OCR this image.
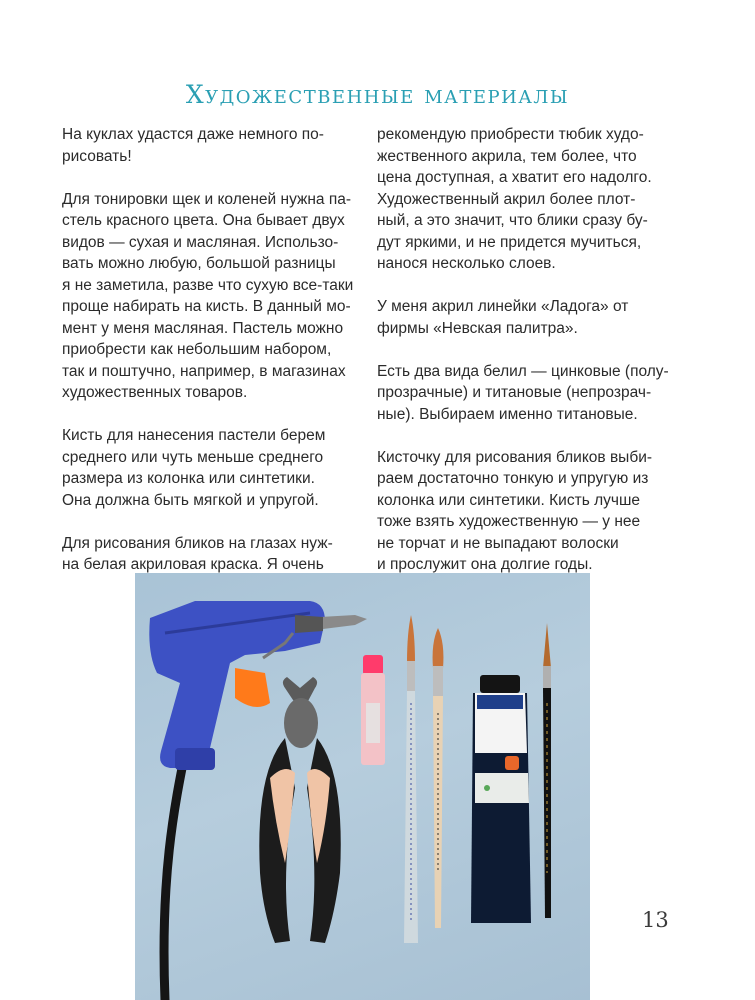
Художественные материалы

На куклах удастся даже немного по-
рисовать!

Для тонировки щек и коленей нужна па-
стель красного цвета. Она бывает двух
видов — сухая и масляная. Использо-
вать можно любую, большой разницы
я не заметила, разве что сухую все-таки
проще набирать на кисть. В данный мо-
мент у меня масляная. Пастель можно
приобрести как небольшим набором,
так и поштучно, например, в магазинах
художественных товаров.

Кисть для нанесения пастели берем
среднего или чуть меньше среднего
размера из колонка или синтетики.
Она должна быть мягкой и упругой.

Для рисования бликов на глазах нуж-
на белая акриловая краска. Я очень

рекомендую приобрести тюбик худо-
жественного акрила, тем более, что
цена доступная, а хватит его надолго.
Художественный акрил более плот-
ный, а это значит, что блики сразу бу-
дут яркими, и не придется мучиться,
нанося несколько слоев.

У меня акрил линейки «Ладога» от
фирмы «Невская палитра».

Есть два вида белил — цинковые (полу-
прозрачные) и титановые (непрозрач-
ные). Выбираем именно титановые.

Кисточку для рисования бликов выби-
раем достаточно тонкую и упругую из
колонка или синтетики. Кисть лучше
тоже взять художественную — у нее
не торчат и не выпадают волоски
и прослужит она долгие годы.

13
